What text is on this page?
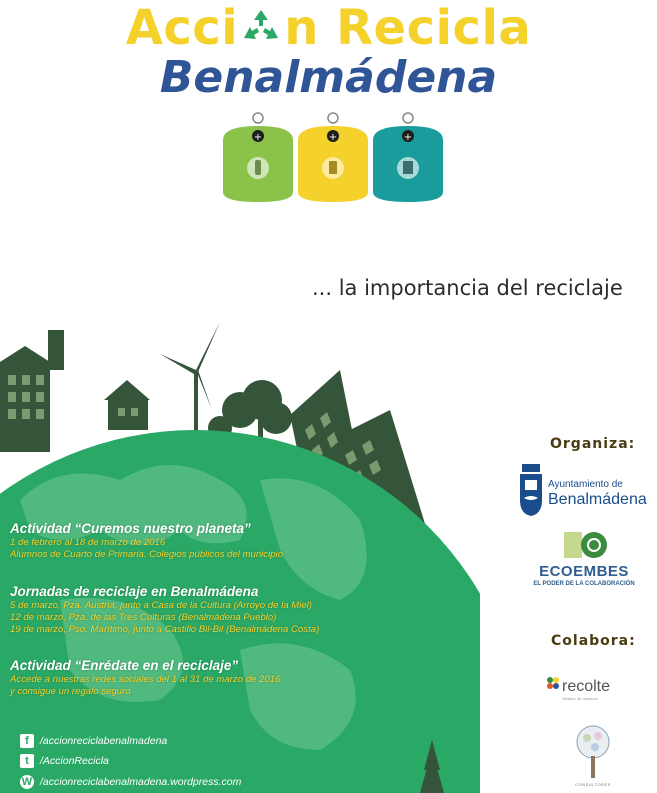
Acci n Recicla
Benalmádena
+	+	+
... la importancia del reciclaje
Actividad “Curemos nuestro planeta”
1 de febrero al 18 de marzo de 2016
Alumnos de Cuarto de Primaria. Colegios públicos del municipio
Jornadas de reciclaje en Benalmádena
5 de marzo, Pza. Austria, junto a Casa de la Cultura (Arroyo de la Miel)
12 de marzo, Pza. de las Tres Culturas (Benalmádena Pueblo)
19 de marzo, Pso. Marítimo, junto a Castillo Bil-Bil (Benalmádena Costa)
Actividad “Enrédate en el reciclaje”
Accede a nuestras redes sociales del 1 al 31 de marzo de 2016
y consigue un regalo seguro
f	/accionreciclabenalmadena
t	/AccionRecicla
W /accionreciclabenalmadena.wordpress.com
Organiza:
Ayuntamiento de
Benalmádena
ECOEMBES
EL PODER DE LA COLABORACIÓN
Colabora:
recolte
Gestión de residuos
CONSULTORES
